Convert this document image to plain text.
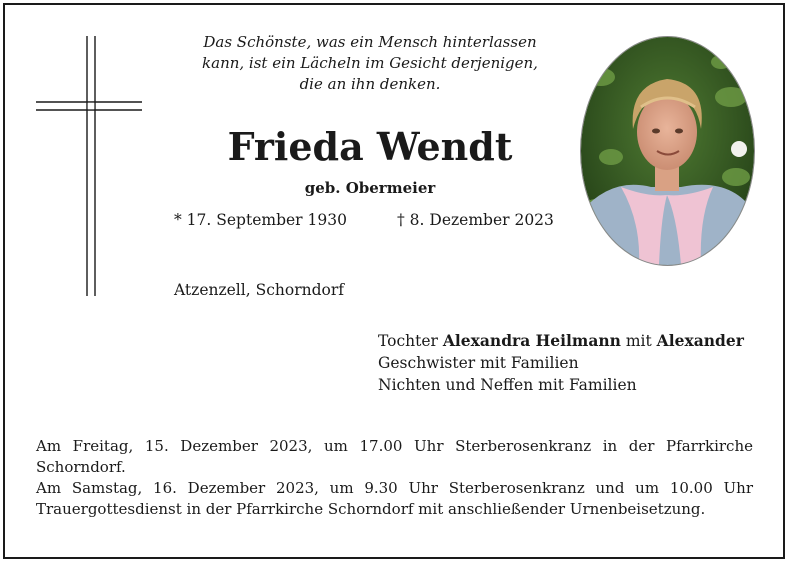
Das Schönste, was ein Mensch hinterlassen
kann, ist ein Lächeln im Gesicht derjenigen,
die an ihn denken.
Frieda Wendt
geb. Obermeier
* 17. September 1930	† 8. Dezember 2023
Atzenzell, Schorndorf
Tochter Alexandra Heilmann mit Alexander
Geschwister mit Familien
Nichten und Neffen mit Familien

Am Freitag, 15. Dezember 2023, um 17.00 Uhr Sterberosenkranz in der Pfarrkirche Schorndorf.

Am Samstag, 16. Dezember 2023, um 9.30 Uhr Sterberosenkranz und um 10.00 Uhr Trauergottesdienst in der Pfarrkirche Schorndorf mit anschließender Urnenbeisetzung.
